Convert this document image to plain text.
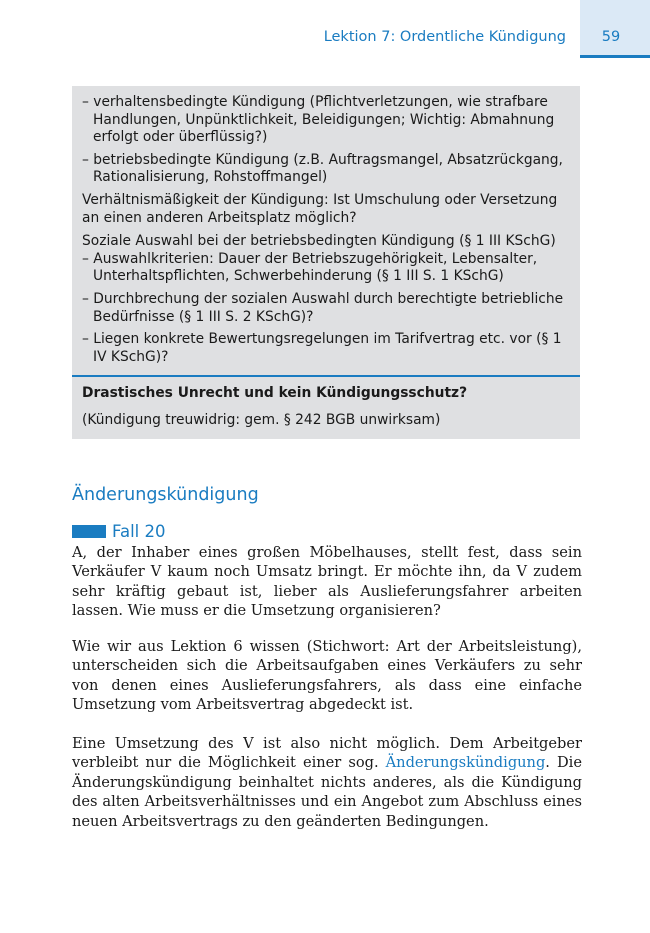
Lektion 7: Ordentliche Kündigung	59
– verhaltensbedingte Kündigung (Pflichtverletzungen, wie strafbare Handlungen, Unpünktlichkeit, Beleidigungen; Wichtig: Abmahnung erfolgt oder überflüssig?)
– betriebsbedingte Kündigung (z.B. Auftragsmangel, Absatzrückgang, Rationalisierung, Rohstoffmangel)
Verhältnismäßigkeit der Kündigung: Ist Umschulung oder Versetzung an einen anderen Arbeitsplatz möglich?
Soziale Auswahl bei der betriebsbedingten Kündigung (§ 1 III KSchG)
– Auswahlkriterien: Dauer der Betriebszugehörigkeit, Lebensalter, Unterhaltspflichten, Schwerbehinderung (§ 1 III S. 1 KSchG)
– Durchbrechung der sozialen Auswahl durch berechtigte betriebliche Bedürfnisse (§ 1 III S. 2 KSchG)?
– Liegen konkrete Bewertungsregelungen im Tarifvertrag etc. vor (§ 1 IV KSchG)?
Drastisches Unrecht und kein Kündigungsschutz?
(Kündigung treuwidrig: gem. § 242 BGB unwirksam)
Änderungskündigung
Fall 20
A, der Inhaber eines großen Möbelhauses, stellt fest, dass sein Verkäufer V kaum noch Umsatz bringt. Er möchte ihn, da V zudem sehr kräftig gebaut ist, lieber als Auslieferungsfahrer arbeiten lassen. Wie muss er die Umsetzung organisieren?
Wie wir aus Lektion 6 wissen (Stichwort: Art der Arbeitsleistung), unterscheiden sich die Arbeitsaufgaben eines Verkäufers zu sehr von denen eines Auslieferungsfahrers, als dass eine einfache Umsetzung vom Arbeitsvertrag abgedeckt ist.
Eine Umsetzung des V ist also nicht möglich. Dem Arbeitgeber verbleibt nur die Möglichkeit einer sog. Änderungskündigung. Die Änderungskündigung beinhaltet nichts anderes, als die Kündigung des alten Arbeitsverhältnisses und ein Angebot zum Abschluss eines neuen Arbeitsvertrags zu den geänderten Bedingungen.
